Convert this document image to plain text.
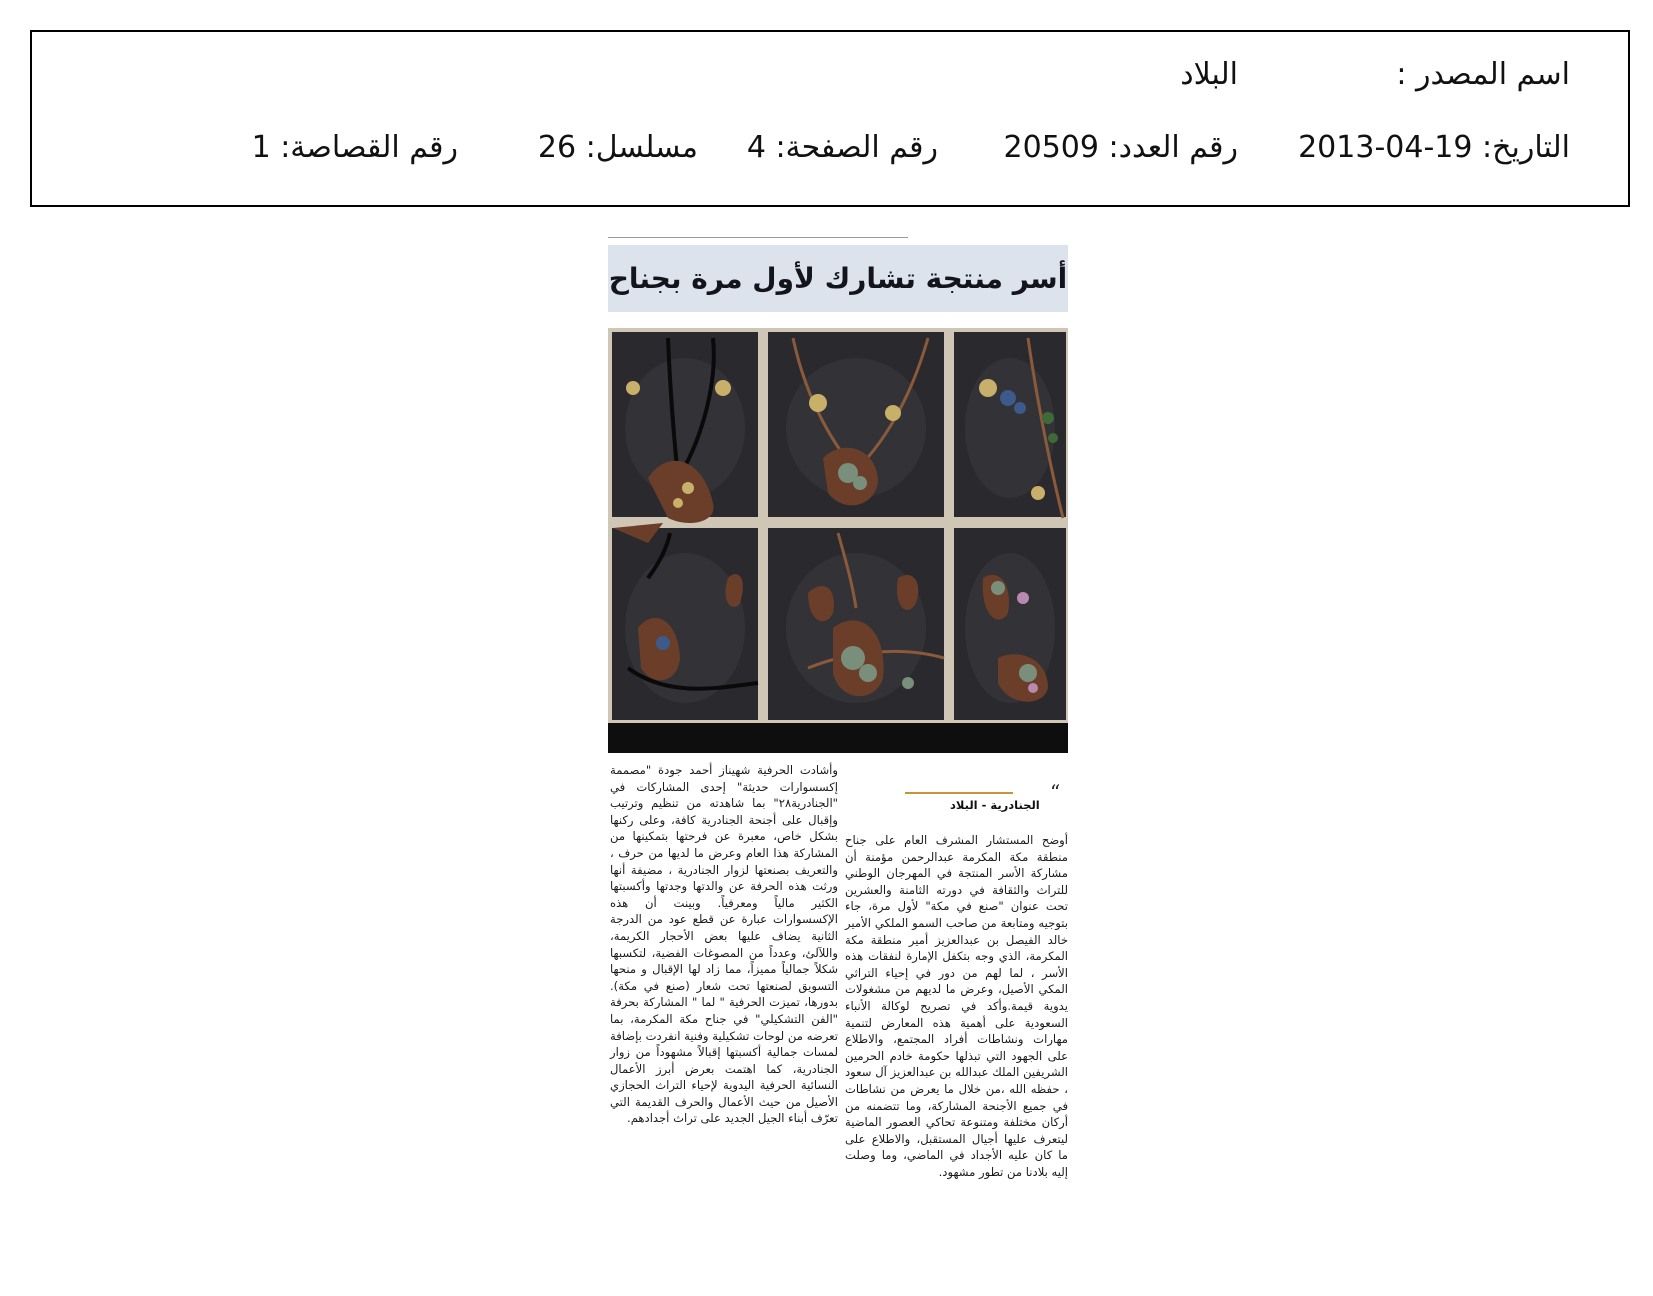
اسم المصدر :
البلاد
التاريخ: 19-04-2013
رقم العدد: 20509
رقم الصفحة: 4
مسلسل: 26
رقم القصاصة: 1
أسر منتجة تشارك لأول مرة بجناح

وأشادت الحرفية شهيناز أحمد جودة "مصممة إكسسوارات حديثة" إحدى المشاركات في "الجنادرية٢٨" بما شاهدته من تنظيم وترتيب وإقبال على أجنحة الجنادرية كافة، وعلى ركنها بشكل خاص، معبرة عن فرحتها بتمكينها من المشاركة هذا العام وعرض ما لديها من حرف ، والتعريف بصنعتها لزوار الجنادرية ، مضيفة أنها ورثت هذه الحرفة عن والدتها وجدتها وأكسبتها الكثير مالياً ومعرفياً. وبينت أن هذه الإكسسوارات عبارة عن قطع عود من الدرجة الثانية يضاف عليها بعض الأحجار الكريمة، واللآلئ، وعدداً من المصوغات الفضية، لتكسبها شكلاً جمالياً مميزاً، مما زاد لها الإقبال و منحها التسويق لصنعتها تحت شعار (صنع في مكة). بدورها، تميزت الحرفية " لما " المشاركة بحرفة "الفن التشكيلي" في جناح مكة المكرمة، بما تعرضه من لوحات تشكيلية وفنية انفردت بإضافة لمسات جمالية أكسبتها إقبالاً مشهوداً من زوار الجنادرية، كما اهتمت بعرض أبرز الأعمال النسائية الحرفية اليدوية لإحياء التراث الحجازي الأصيل من حيث الأعمال والحرف القديمة التي تعرّف أبناء الجيل الجديد على تراث أجدادهم.

“
الجنادرية - البلاد

أوضح المستشار المشرف العام على جناح منطقة مكة المكرمة عبدالرحمن مؤمنة أن مشاركة الأسر المنتجة في المهرجان الوطني للتراث والثقافة في دورته الثامنة والعشرين تحت عنوان "صنع في مكة" لأول مرة، جاء بتوجيه ومتابعة من صاحب السمو الملكي الأمير خالد الفيصل بن عبدالعزيز أمير منطقة مكة المكرمة، الذي وجه بتكفل الإمارة لنفقات هذه الأسر ، لما لهم من دور في إحياء التراثي المكي الأصيل، وعرض ما لديهم من مشغولات يدوية قيمة.وأكد في تصريح لوكالة الأنباء السعودية على أهمية هذه المعارض لتنمية مهارات ونشاطات أفراد المجتمع، والاطلاع على الجهود التي تبذلها حكومة خادم الحرمين الشريفين الملك عبدالله بن عبدالعزيز آل سعود ، حفظه الله ،من خلال ما يعرض من نشاطات في جميع الأجنحة المشاركة، وما تتضمنه من أركان مختلفة ومتنوعة تحاكي العصور الماضية ليتعرف عليها أجيال المستقبل، والاطلاع على ما كان عليه الأجداد في الماضي، وما وصلت إليه بلادنا من تطور مشهود.
